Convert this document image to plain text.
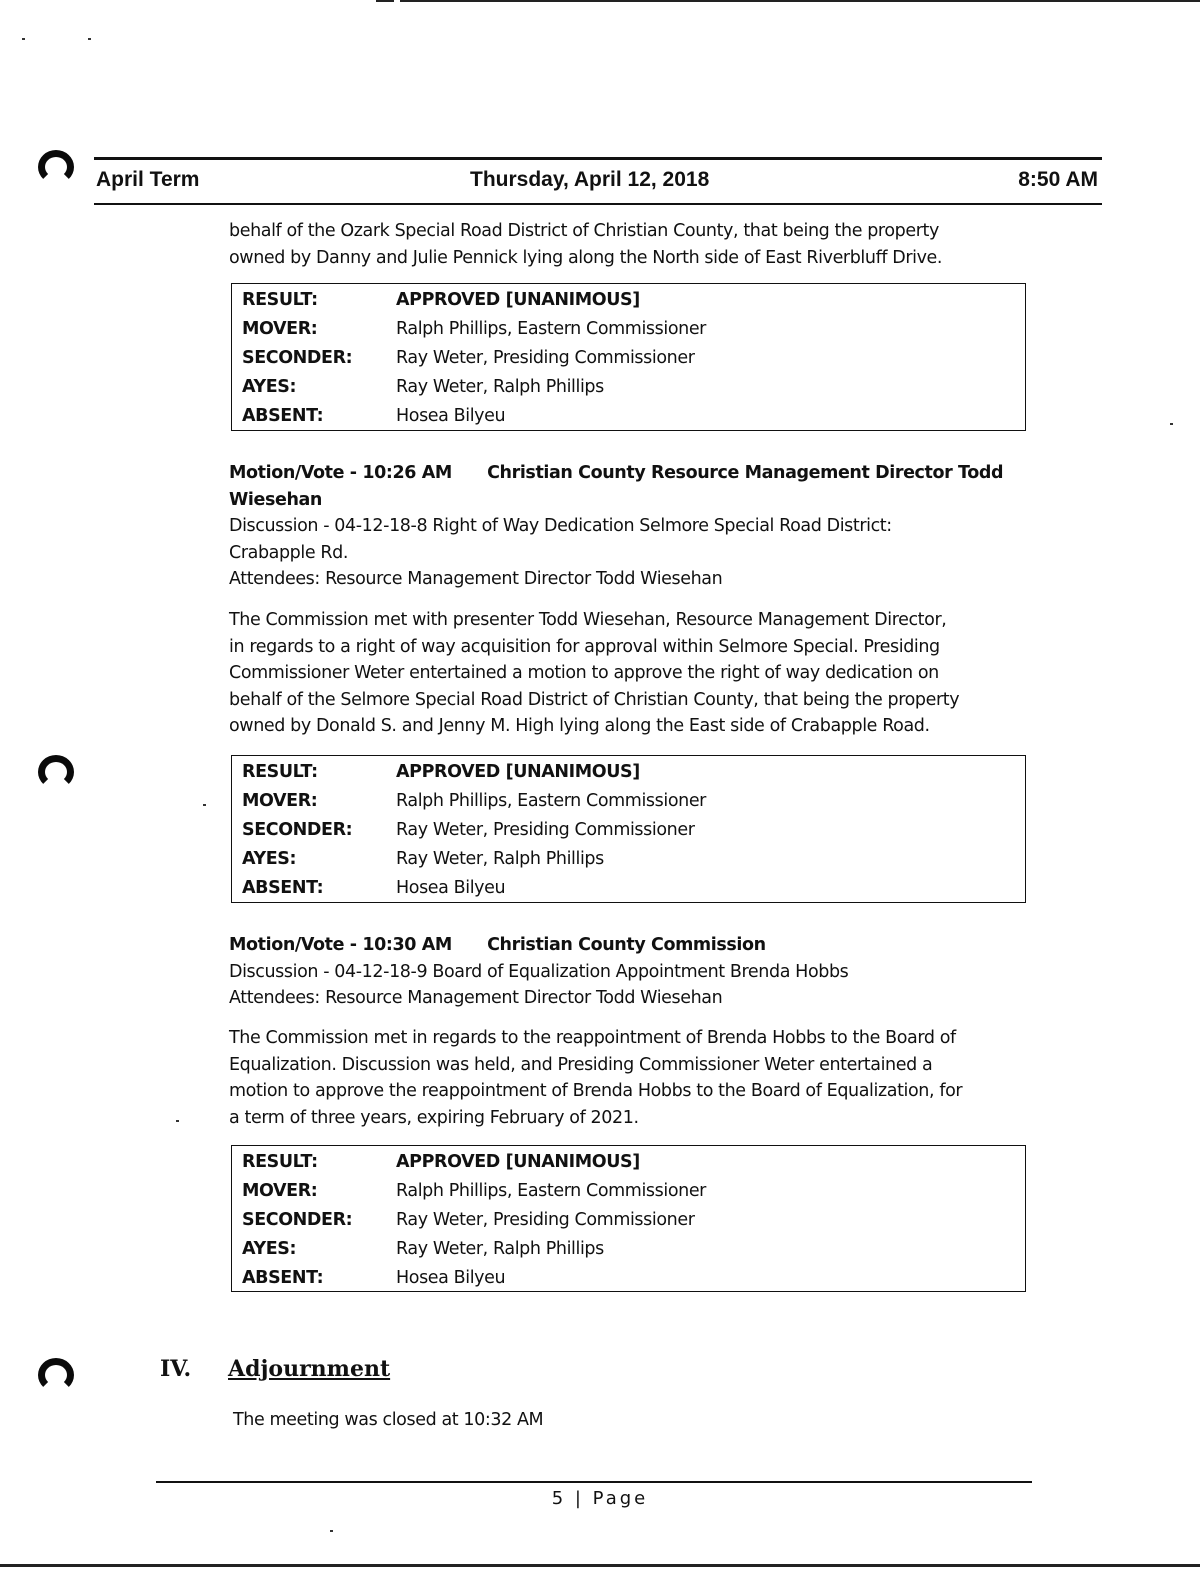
April Term	Thursday, April 12, 2018	8:50 AM

behalf of the Ozark Special Road District of Christian County, that being the property

owned by Danny and Julie Pennick lying along the North side of East Riverbluff Drive.

RESULT:	APPROVED [UNANIMOUS]
MOVER:	Ralph Phillips, Eastern Commissioner
SECONDER: Ray Weter, Presiding Commissioner
AYES:	Ray Weter, Ralph Phillips
ABSENT:	Hosea Bilyeu
Motion/Vote - 10:26 AM Christian County Resource Management Director Todd
Wiesehan
Discussion - 04-12-18-8 Right of Way Dedication Selmore Special Road District:
Crabapple Rd.
Attendees: Resource Management Director Todd Wiesehan

The Commission met with presenter Todd Wiesehan, Resource Management Director,

in regards to a right of way acquisition for approval within Selmore Special. Presiding

Commissioner Weter entertained a motion to approve the right of way dedication on

behalf of the Selmore Special Road District of Christian County, that being the property

owned by Donald S. and Jenny M. High lying along the East side of Crabapple Road.

RESULT:	APPROVED [UNANIMOUS]
MOVER:	Ralph Phillips, Eastern Commissioner
SECONDER: Ray Weter, Presiding Commissioner
AYES:	Ray Weter, Ralph Phillips
ABSENT:	Hosea Bilyeu
Motion/Vote - 10:30 AM Christian County Commission
Discussion - 04-12-18-9 Board of Equalization Appointment Brenda Hobbs
Attendees: Resource Management Director Todd Wiesehan

The Commission met in regards to the reappointment of Brenda Hobbs to the Board of

Equalization. Discussion was held, and Presiding Commissioner Weter entertained a

motion to approve the reappointment of Brenda Hobbs to the Board of Equalization, for

a term of three years, expiring February of 2021.

RESULT:	APPROVED [UNANIMOUS]
MOVER:	Ralph Phillips, Eastern Commissioner
SECONDER: Ray Weter, Presiding Commissioner
AYES:	Ray Weter, Ralph Phillips
ABSENT:	Hosea Bilyeu
IV. Adjournment
The meeting was closed at 10:32 AM
5 | Page
